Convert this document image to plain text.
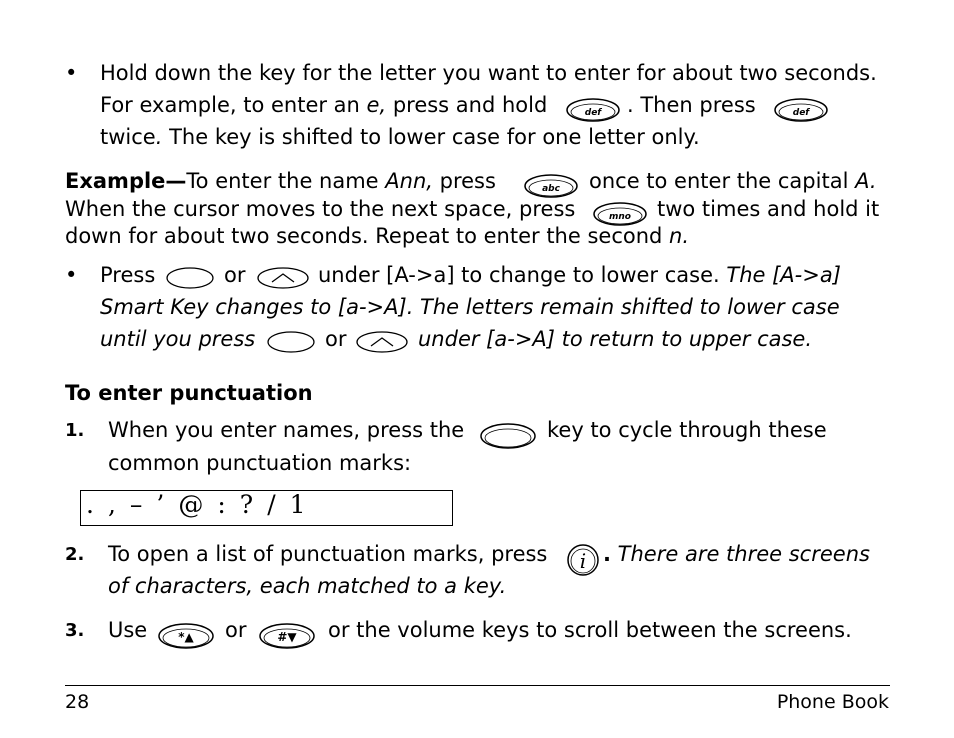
• Hold down the key for the letter you want to enter for about two seconds.
For example, to enter an e, press and hold	def . Then press	def
twice. The key is shifted to lower case for one letter only.
Example—To enter the name Ann, press	abc once to enter the capital A.
When the cursor moves to the next space, press	mno two times and hold it
down for about two seconds. Repeat to enter the second n.
• Press	or	under [A->a] to change to lower case. The [A->a]
Smart Key changes to [a->A]. The letters remain shifted to lower case
until you press	or	under [a->A] to return to upper case.
To enter punctuation
1. When you enter names, press the	key to cycle through these
common punctuation marks:
. , – ’ @ : ? / 1
2. To open a list of punctuation marks, press i . There are three screens
of characters, each matched to a key.
3. Use	*▲ or	#▼ or the volume keys to scroll between the screens.
28	Phone Book
